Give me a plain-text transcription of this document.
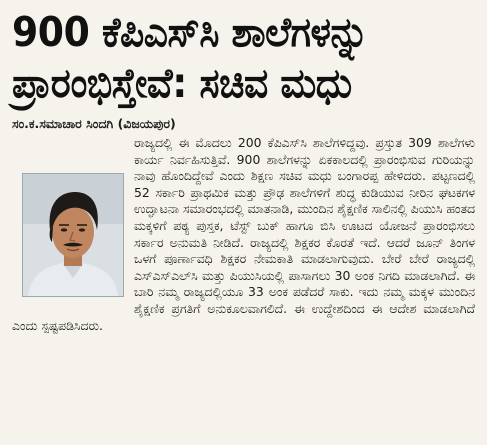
900 ಕೆಪಿಎಸ್‌ಸಿ ಶಾಲೆಗಳನ್ನು
ಪ್ರಾರಂಭಿಸ್ತೇವೆ: ಸಚಿವ ಮಧು
ಸಂ.ಕ.ಸಮಾಚಾರ ಸಿಂದಗಿ (ವಿಜಯಪುರ)

ರಾಜ್ಯದಲ್ಲಿ ಈ ಮೊದಲು 200 ಕೆಪಿಎಸ್‌ಸಿ ಶಾಲೆಗಳಿದ್ದವು. ಪ್ರಸ್ತುತ 309 ಶಾಲೆಗಳು ಕಾರ್ಯ ನಿರ್ವಹಿಸುತ್ತಿವೆ. 900 ಶಾಲೆಗಳನ್ನು ಏಕಕಾಲದಲ್ಲಿ ಪ್ರಾರಂಭಿಸುವ ಗುರಿಯನ್ನು ನಾವು ಹೊಂದಿದ್ದೇವೆ ಎಂದು ಶಿಕ್ಷಣ ಸಚಿವ ಮಧು ಬಂಗಾರಪ್ಪ ಹೇಳಿದರು. ಪಟ್ಟಣದಲ್ಲಿ 52 ಸರ್ಕಾರಿ ಪ್ರಾಥಮಿಕ ಮತ್ತು ಪ್ರೌಢ ಶಾಲೆಗಳಿಗೆ ಶುದ್ಧ ಕುಡಿಯುವ ನೀರಿನ ಘಟಕಗಳ ಉದ್ಘಾಟನಾ ಸಮಾರಂಭದಲ್ಲಿ ಮಾತನಾಡಿ, ಮುಂದಿನ ಶೈಕ್ಷಣಿಕ ಸಾಲಿನಲ್ಲಿ ಪಿಯುಸಿ ಹಂತದ ಮಕ್ಕಳಿಗೆ ಪಠ್ಯ ಪುಸ್ತಕ, ಟೆಸ್ಟ್ ಬುಕ್ ಹಾಗೂ ಬಿಸಿ ಊಟದ ಯೋಜನೆ ಪ್ರಾರಂಭಿಸಲು ಸರ್ಕಾರ ಅನುಮತಿ ನೀಡಿದೆ. ರಾಜ್ಯದಲ್ಲಿ ಶಿಕ್ಷಕರ ಕೊರತೆ ಇದೆ. ಆದರೆ ಜೂನ್ ತಿಂಗಳ ಒಳಗೆ ಪೂರ್ಣಾವಧಿ ಶಿಕ್ಷಕರ ನೇಮಕಾತಿ ಮಾಡಲಾಗುವುದು. ಬೇರೆ ಬೇರೆ ರಾಜ್ಯದಲ್ಲಿ ಎಸ್‌ಎಸ್‌ಎಲ್‌ಸಿ ಮತ್ತು ಪಿಯುಸಿಯಲ್ಲಿ ಪಾಸಾಗಲು 30 ಅಂಕ ನಿಗದಿ ಮಾಡಲಾಗಿದೆ. ಈ ಬಾರಿ ನಮ್ಮ ರಾಜ್ಯದಲ್ಲಿಯೂ 33 ಅಂಕ ಪಡೆದರೆ ಸಾಕು. ಇದು ನಮ್ಮ ಮಕ್ಕಳ ಮುಂದಿನ ಶೈಕ್ಷಣಿಕ ಪ್ರಗತಿಗೆ ಅನುಕೂಲವಾಗಲಿದೆ. ಈ ಉದ್ದೇಶದಿಂದ ಈ ಆದೇಶ ಮಾಡಲಾಗಿದೆ ಎಂದು ಸ್ಪಷ್ಟಪಡಿಸಿದರು.
